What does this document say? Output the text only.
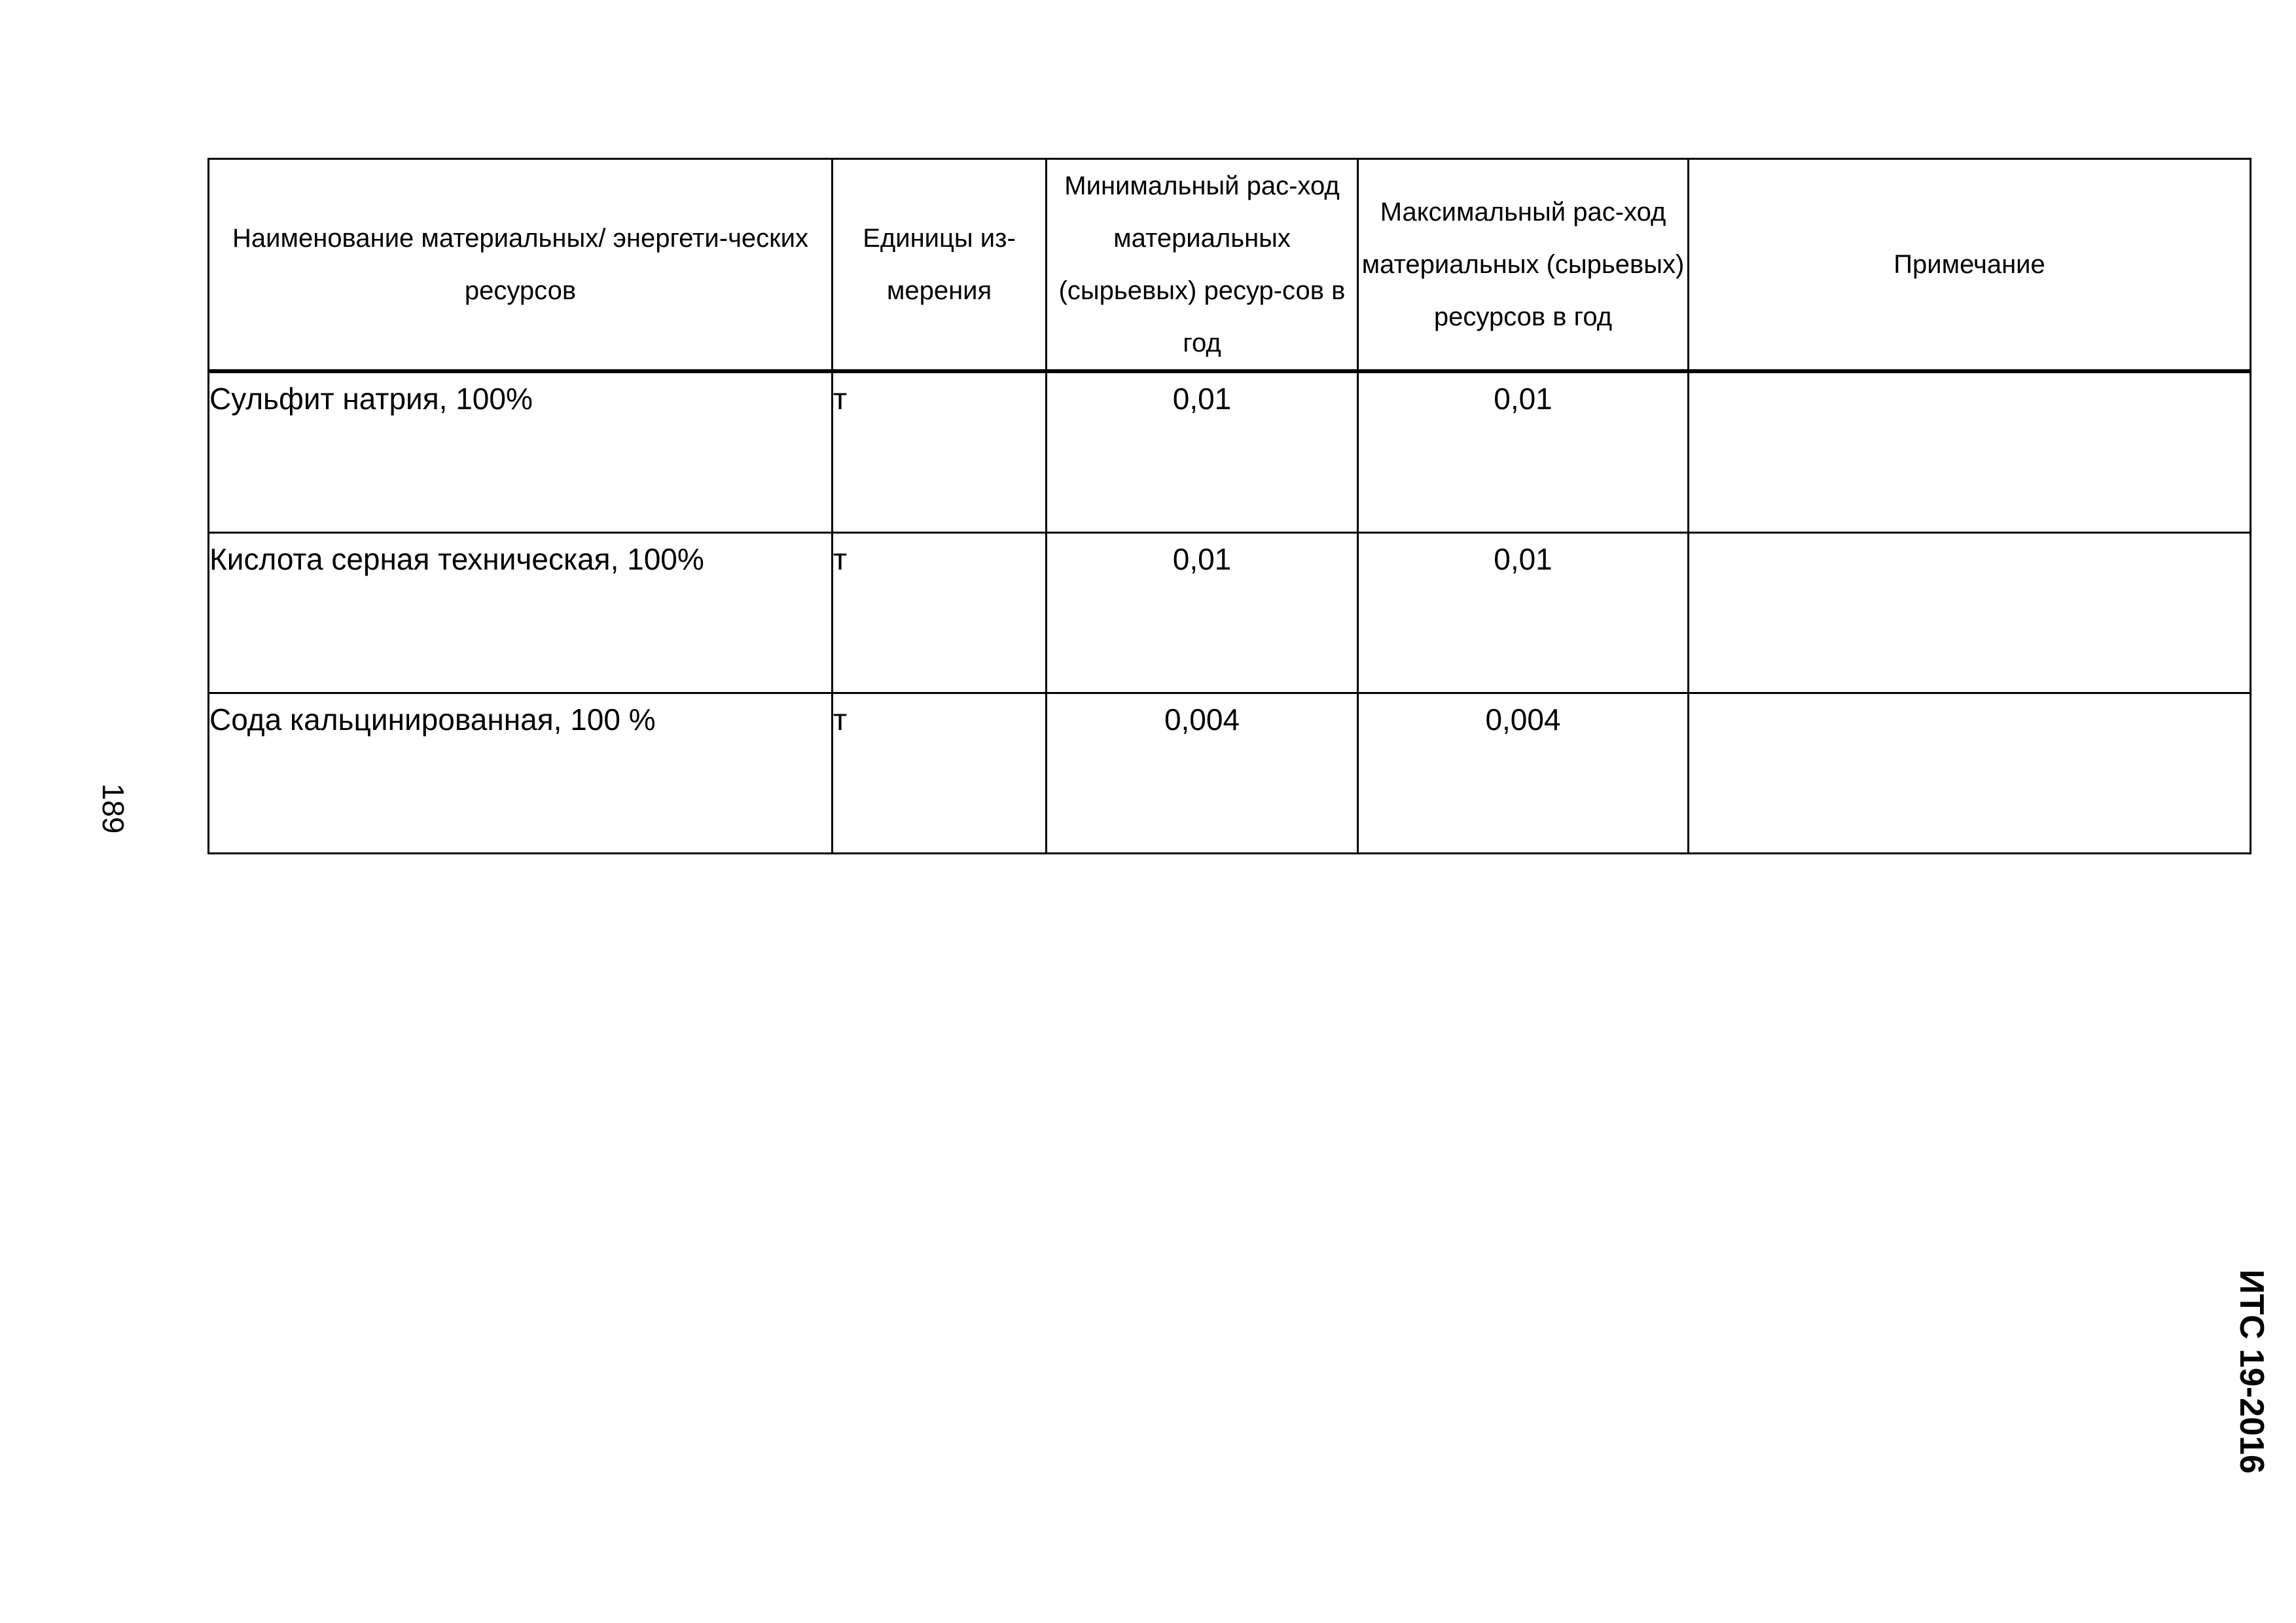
189
ИТС 19-2016
Наименование материальных/ энергети-ческих ресурсов	Единицы из-мерения	Минимальный рас-ход материальных (сырьевых) ресур-сов в год	Максимальный рас-ход материальных (сырьевых) ресурсов в год	Примечание
Сульфит натрия, 100%	т	0,01	0,01	
Кислота серная техническая, 100%	т	0,01	0,01	
Сода кальцинированная, 100 %	т	0,004	0,004	
